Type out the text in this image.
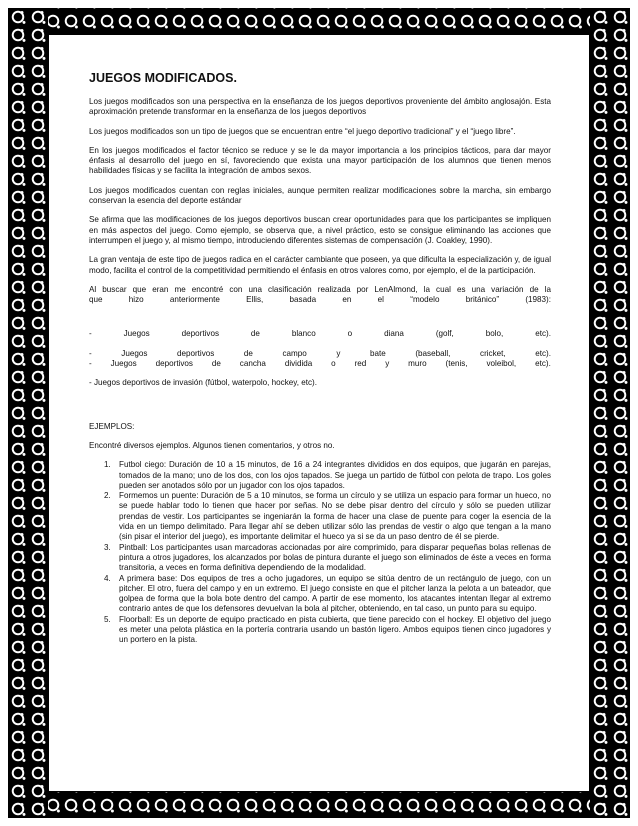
JUEGOS MODIFICADOS.

Los juegos modificados son una perspectiva en la enseñanza de los juegos deportivos proveniente del ámbito anglosajón. Esta aproximación pretende transformar en la enseñanza de los juegos deportivos

Los juegos modificados son un tipo de juegos que se encuentran entre “el juego deportivo tradicional” y el “juego libre”.

En los juegos modificados el factor técnico se reduce y se le da mayor importancia a los principios tácticos, para dar mayor énfasis al desarrollo del juego en sí, favoreciendo que exista una mayor participación de los alumnos que tienen menos habilidades físicas y se facilita la integración de ambos sexos.

Los juegos modificados cuentan con reglas iniciales, aunque permiten realizar modificaciones sobre la marcha, sin embargo conservan la esencia del deporte estándar

Se afirma que las modificaciones de los juegos deportivos buscan crear oportunidades para que los participantes se impliquen en más aspectos del juego. Como ejemplo, se observa que, a nivel práctico, esto se consigue eliminando las acciones que interrumpen el juego y, al mismo tiempo, introduciendo diferentes sistemas de compensación (J. Coakley, 1990).

La gran ventaja de este tipo de juegos radica en el carácter cambiante que poseen, ya que dificulta la especialización y, de igual modo, facilita el control de la competitividad permitiendo el énfasis en otros valores como, por ejemplo, el de la participación.

Al buscar que eran me encontré con una clasificación realizada por LenAlmond, la cual es una variación de la
que hizo anteriormente Ellis, basada en el “modelo británico” (1983):
-	Juegos	deportivos	de	blanco	o	diana	(golf,	bolo,	etc).
-	Juegos	deportivos	de	campo	y	bate	(baseball,	cricket,	etc).
- Juegos deportivos de cancha dividida o red y muro (tenis, voleibol, etc).

- Juegos deportivos de invasión (fútbol, waterpolo, hockey, etc).

EJEMPLOS:

Encontré diversos ejemplos. Algunos tienen comentarios, y otros no.

1. Futbol ciego: Duración de 10 a 15 minutos, de 16 a 24 integrantes divididos en dos equipos, que jugarán en parejas, tomados de la mano; uno de los dos, con los ojos tapados. Se juega un partido de fútbol con pelota de trapo. Los goles pueden ser anotados sólo por un jugador con los ojos tapados.
2. Formemos un puente: Duración de 5 a 10 minutos, se forma un círculo y se utiliza un espacio para formar un hueco, no se puede hablar todo lo tienen que hacer por señas. No se debe pisar dentro del círculo y sólo se pueden utilizar prendas de vestir. Los participantes se ingeniarán la forma de hacer una clase de puente para coger la esencia de la vida en un tiempo delimitado. Para llegar ahí se deben utilizar sólo las prendas de vestir o algo que tengan a la mano (sin pisar el interior del juego), es importante delimitar el hueco ya si se da un paso dentro de él se pierde.
3. Pintball: Los participantes usan marcadoras accionadas por aire comprimido, para disparar pequeñas bolas rellenas de pintura a otros jugadores, los alcanzados por bolas de pintura durante el juego son eliminados de éste a veces en forma transitoria, a veces en forma definitiva dependiendo de la modalidad.
4. A primera base: Dos equipos de tres a ocho jugadores, un equipo se sitúa dentro de un rectángulo de juego, con un pitcher. El otro, fuera del campo y en un extremo. El juego consiste en que el pitcher lanza la pelota a un bateador, que golpea de forma que la bola bote dentro del campo. A partir de ese momento, los atacantes intentan llegar al extremo contrario antes de que los defensores devuelvan la bola al pitcher, obteniendo, en tal caso, un punto para su equipo.
5. Floorball: Es un deporte de equipo practicado en pista cubierta, que tiene parecido con el hockey. El objetivo del juego es meter una pelota plástica en la portería contraria usando un bastón ligero. Ambos equipos tienen cinco jugadores y un portero en la pista.
